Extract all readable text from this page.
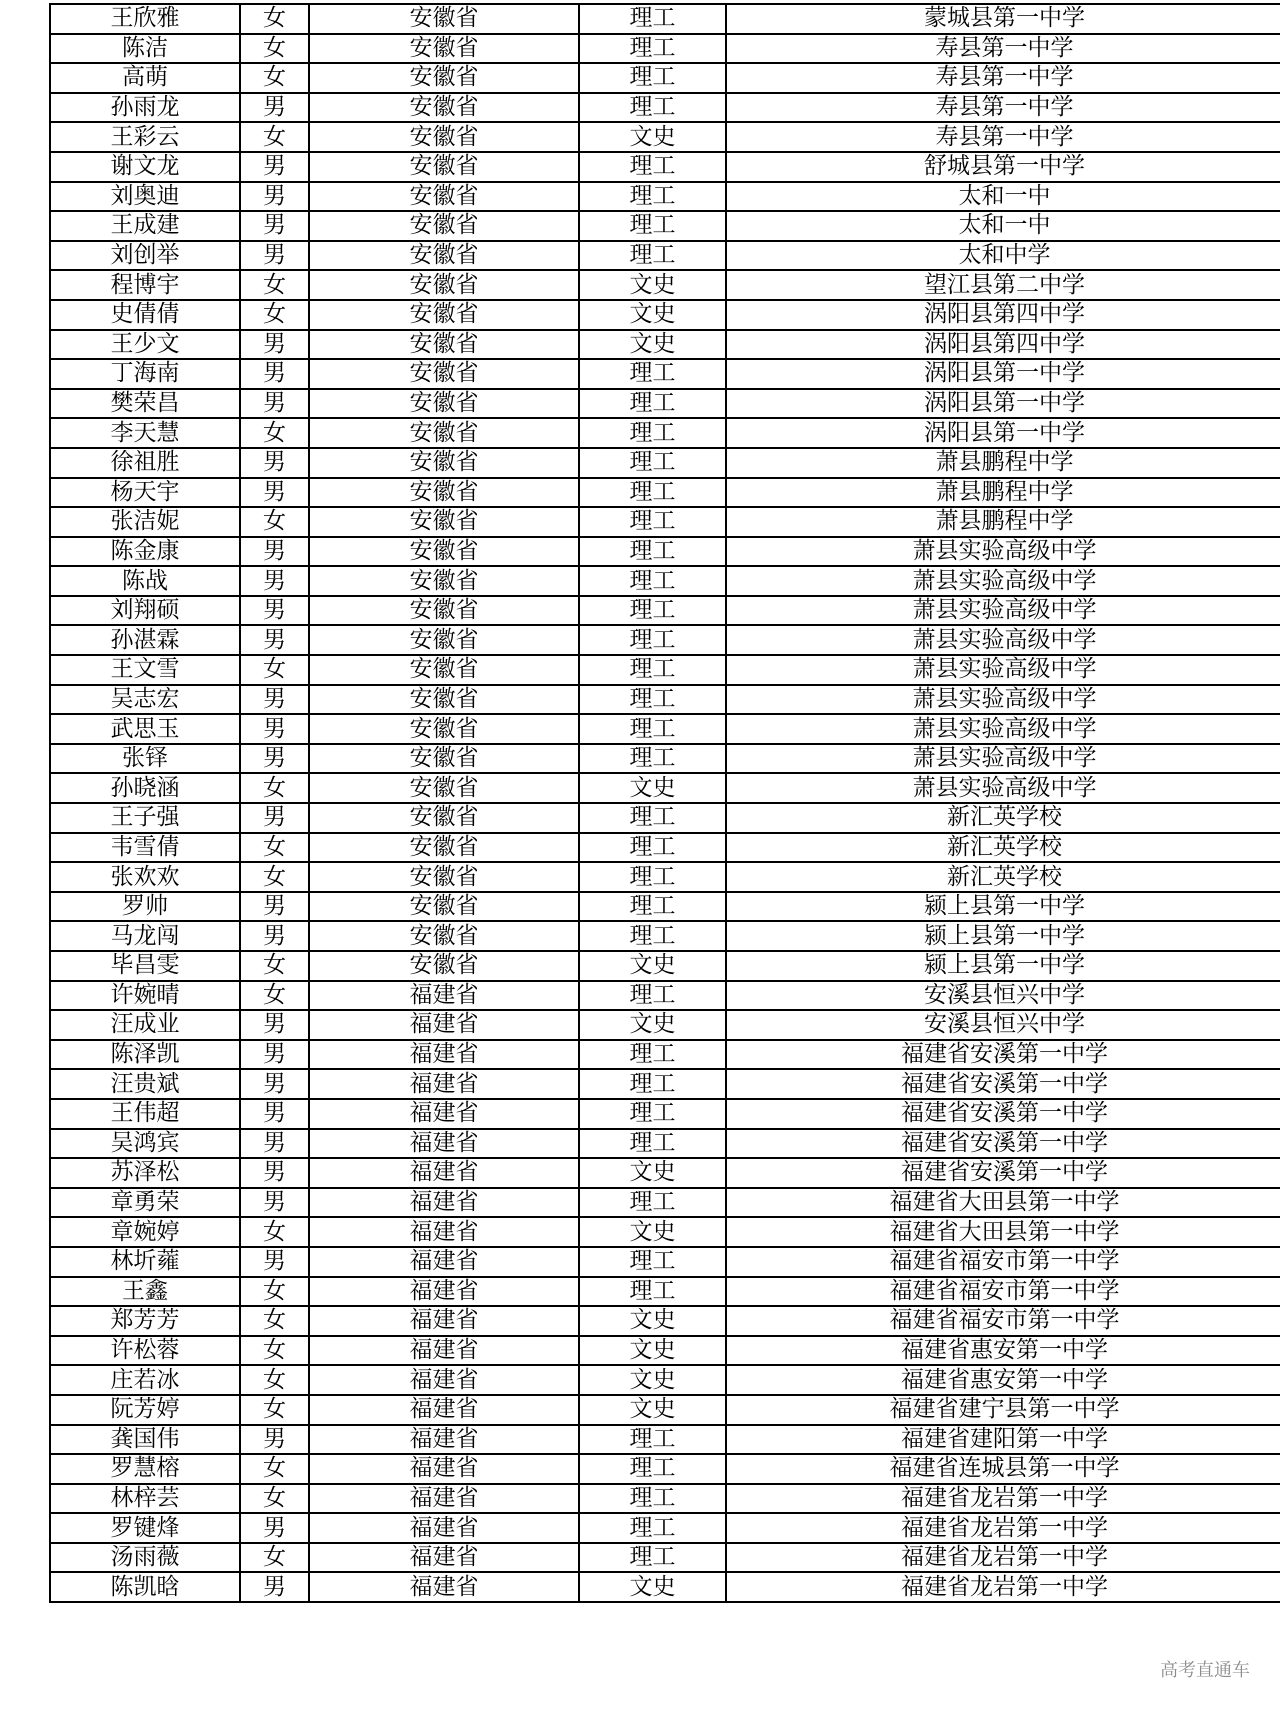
王欣雅	女	安徽省	理工	蒙城县第一中学
陈洁	女	安徽省	理工	寿县第一中学
高萌	女	安徽省	理工	寿县第一中学
孙雨龙	男	安徽省	理工	寿县第一中学
王彩云	女	安徽省	文史	寿县第一中学
谢文龙	男	安徽省	理工	舒城县第一中学
刘奥迪	男	安徽省	理工	太和一中
王成建	男	安徽省	理工	太和一中
刘创举	男	安徽省	理工	太和中学
程博宇	女	安徽省	文史	望江县第二中学
史倩倩	女	安徽省	文史	涡阳县第四中学
王少文	男	安徽省	文史	涡阳县第四中学
丁海南	男	安徽省	理工	涡阳县第一中学
樊荣昌	男	安徽省	理工	涡阳县第一中学
李天慧	女	安徽省	理工	涡阳县第一中学
徐祖胜	男	安徽省	理工	萧县鹏程中学
杨天宇	男	安徽省	理工	萧县鹏程中学
张洁妮	女	安徽省	理工	萧县鹏程中学
陈金康	男	安徽省	理工	萧县实验高级中学
陈战	男	安徽省	理工	萧县实验高级中学
刘翔硕	男	安徽省	理工	萧县实验高级中学
孙湛霖	男	安徽省	理工	萧县实验高级中学
王文雪	女	安徽省	理工	萧县实验高级中学
吴志宏	男	安徽省	理工	萧县实验高级中学
武思玉	男	安徽省	理工	萧县实验高级中学
张铎	男	安徽省	理工	萧县实验高级中学
孙晓涵	女	安徽省	文史	萧县实验高级中学
王子强	男	安徽省	理工	新汇英学校
韦雪倩	女	安徽省	理工	新汇英学校
张欢欢	女	安徽省	理工	新汇英学校
罗帅	男	安徽省	理工	颍上县第一中学
马龙闯	男	安徽省	理工	颍上县第一中学
毕昌雯	女	安徽省	文史	颍上县第一中学
许婉晴	女	福建省	理工	安溪县恒兴中学
汪成业	男	福建省	文史	安溪县恒兴中学
陈泽凯	男	福建省	理工	福建省安溪第一中学
汪贵斌	男	福建省	理工	福建省安溪第一中学
王伟超	男	福建省	理工	福建省安溪第一中学
吴鸿宾	男	福建省	理工	福建省安溪第一中学
苏泽松	男	福建省	文史	福建省安溪第一中学
章勇荣	男	福建省	理工	福建省大田县第一中学
章婉婷	女	福建省	文史	福建省大田县第一中学
林圻蕹	男	福建省	理工	福建省福安市第一中学
王鑫	女	福建省	理工	福建省福安市第一中学
郑芳芳	女	福建省	文史	福建省福安市第一中学
许松蓉	女	福建省	文史	福建省惠安第一中学
庄若冰	女	福建省	文史	福建省惠安第一中学
阮芳婷	女	福建省	文史	福建省建宁县第一中学
龚国伟	男	福建省	理工	福建省建阳第一中学
罗慧榕	女	福建省	理工	福建省连城县第一中学
林梓芸	女	福建省	理工	福建省龙岩第一中学
罗键烽	男	福建省	理工	福建省龙岩第一中学
汤雨薇	女	福建省	理工	福建省龙岩第一中学
陈凯晗	男	福建省	文史	福建省龙岩第一中学
高考直通车
